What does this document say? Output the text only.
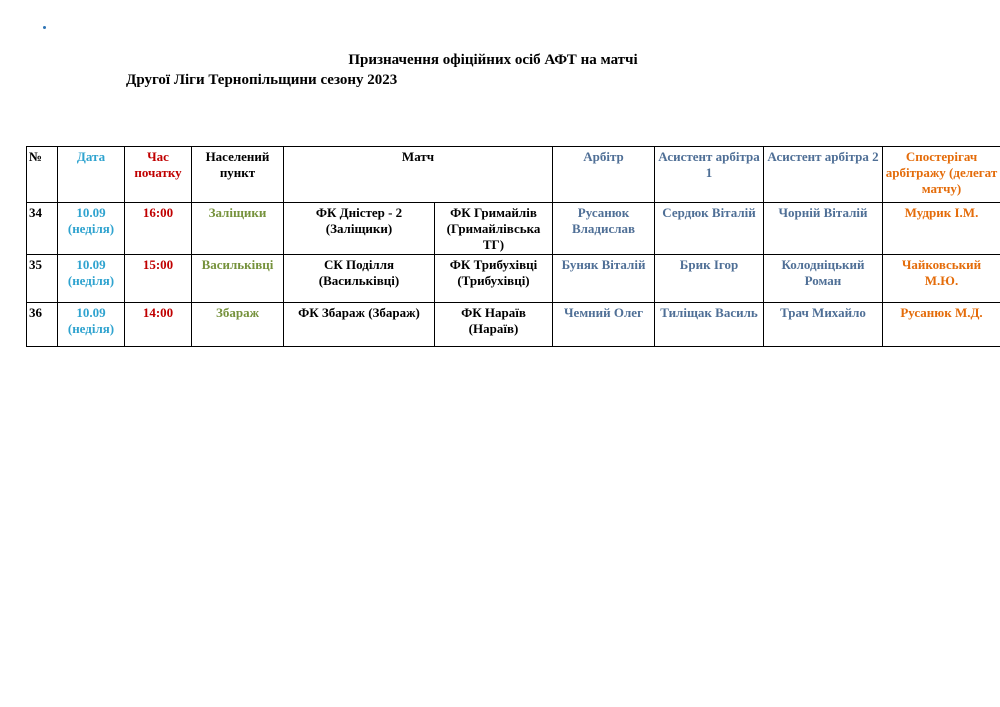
Призначення офіційних осіб АФТ на матчі
Другої Ліги Тернопільщини сезону 2023
№	Дата	Час початку	Населений пункт	Матч		Арбітр	Асистент арбітра 1	Асистент арбітра 2	Спостерігач арбітражу (делегат матчу)
34	10.09 (неділя)	16:00	Заліщики	ФК Дністер - 2 (Заліщики)	ФК Гримайлів (Гримайлівська ТГ)	Русанюк Владислав	Сердюк Віталій	Чорній Віталій	Мудрик І.М.
35	10.09 (неділя)	15:00	Васильківці	СК Поділля (Васильківці)	ФК Трибухівці (Трибухівці)	Буняк Віталій	Брик Ігор	Колодніцький Роман	Чайковський М.Ю.
36	10.09 (неділя)	14:00	Збараж	ФК Збараж (Збараж)	ФК Нараїв (Нараїв)	Чемний Олег	Тиліщак Василь	Трач Михайло	Русанюк М.Д.
